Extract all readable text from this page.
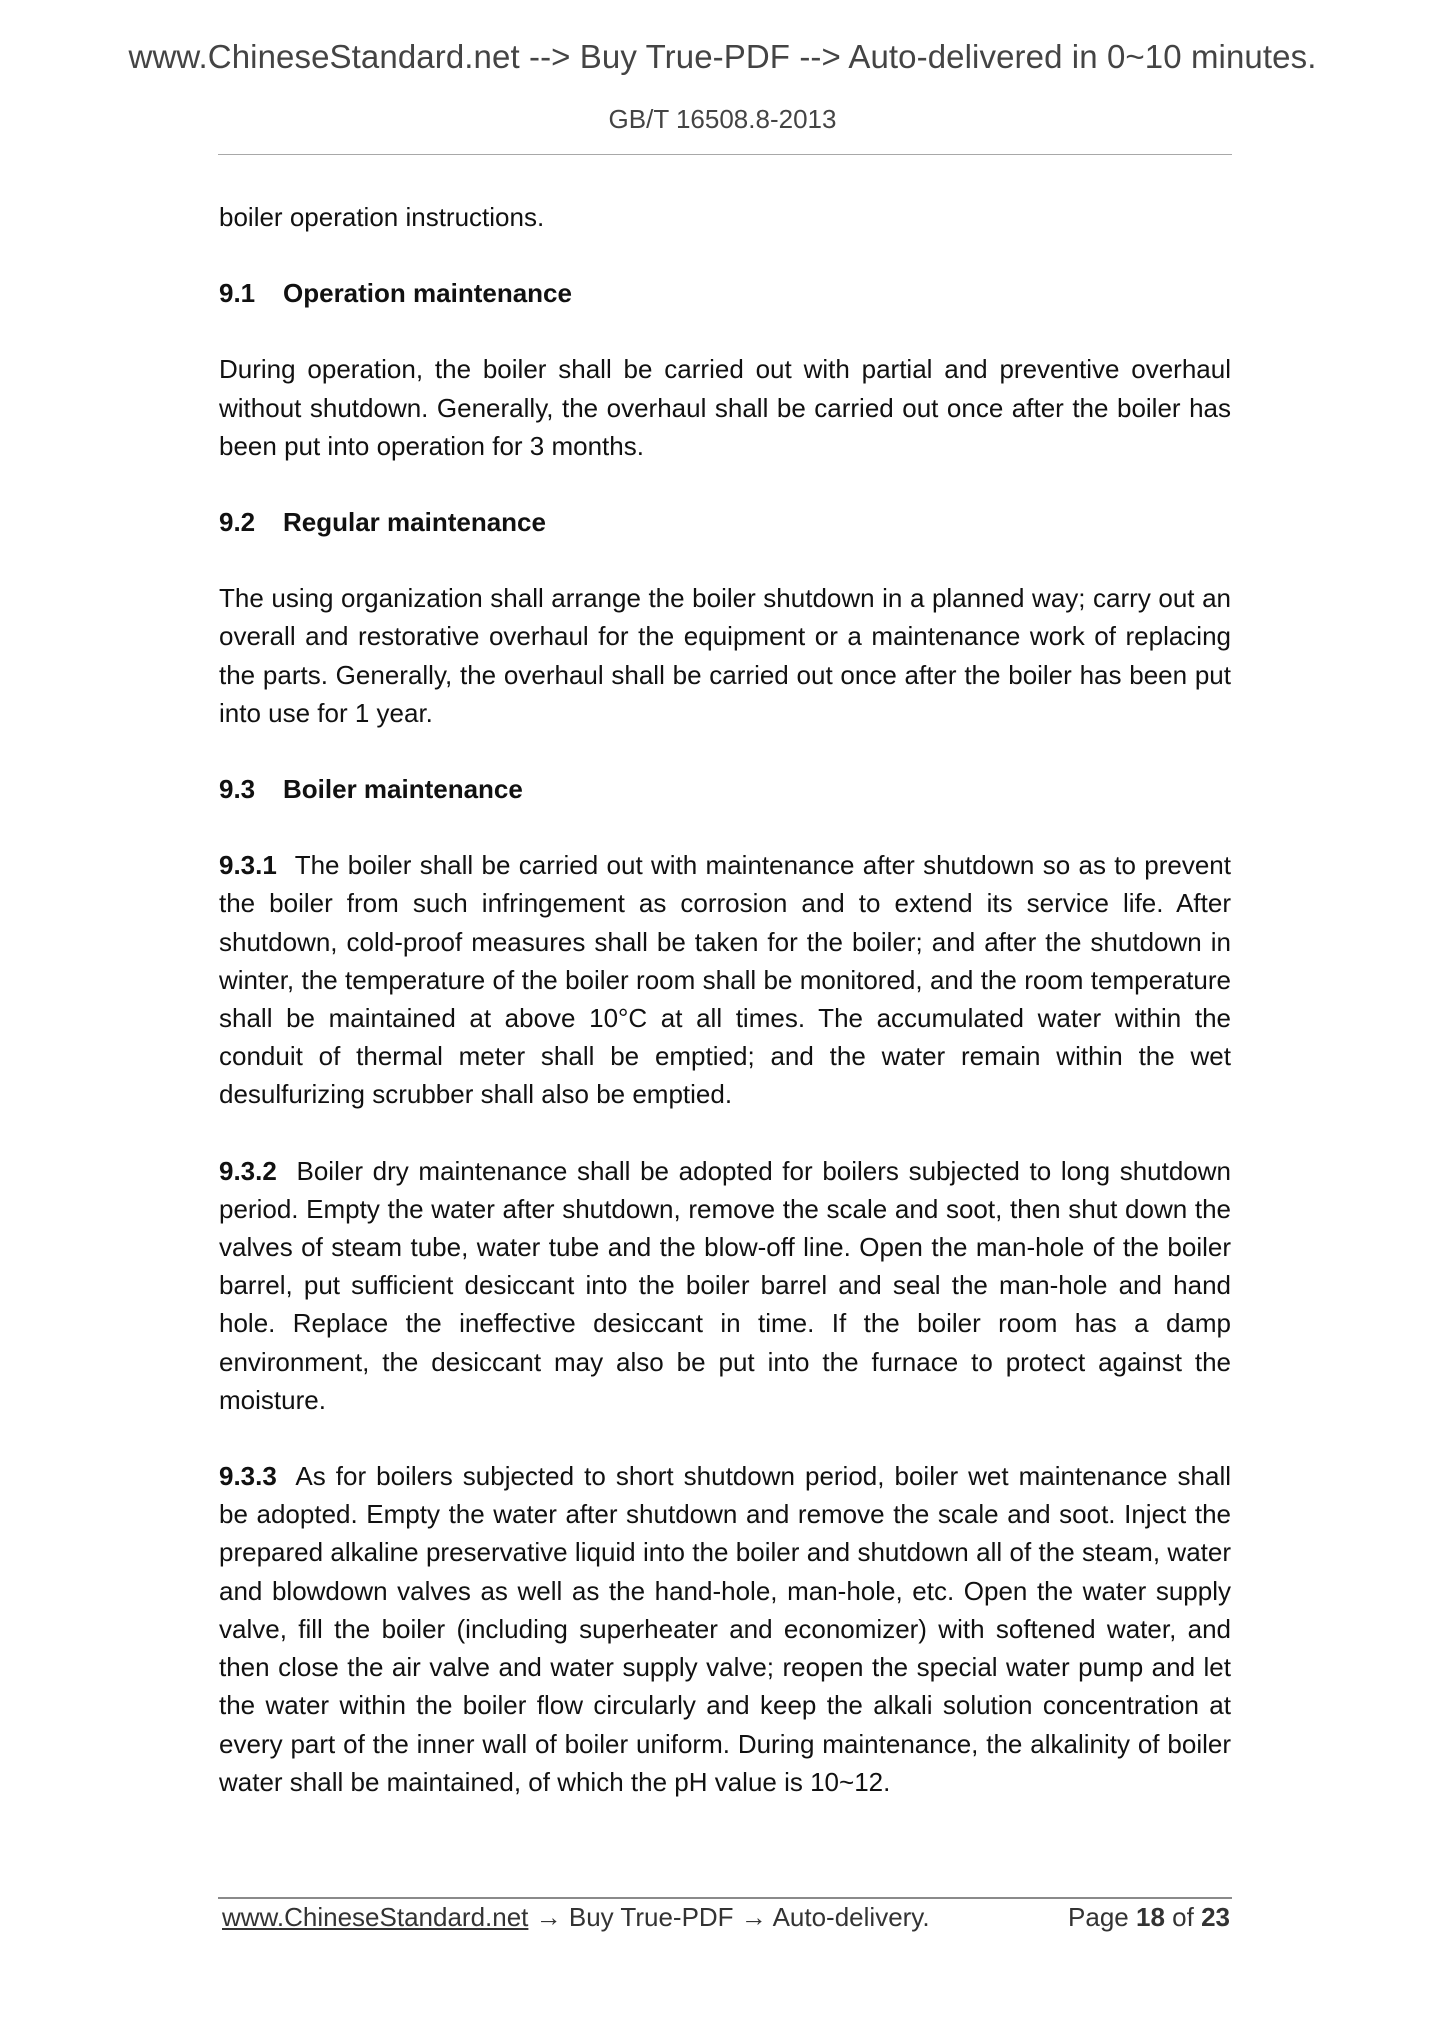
www.ChineseStandard.net --> Buy True-PDF --> Auto-delivered in 0~10 minutes.
GB/T 16508.8-2013

boiler operation instructions.

9.1 Operation maintenance

During operation, the boiler shall be carried out with partial and preventive overhaul without shutdown. Generally, the overhaul shall be carried out once after the boiler has been put into operation for 3 months.

9.2 Regular maintenance

The using organization shall arrange the boiler shutdown in a planned way; carry out an overall and restorative overhaul for the equipment or a maintenance work of replacing the parts. Generally, the overhaul shall be carried out once after the boiler has been put into use for 1 year.

9.3 Boiler maintenance

9.3.1 The boiler shall be carried out with maintenance after shutdown so as to prevent the boiler from such infringement as corrosion and to extend its service life. After shutdown, cold-proof measures shall be taken for the boiler; and after the shutdown in winter, the temperature of the boiler room shall be monitored, and the room temperature shall be maintained at above 10°C at all times. The accumulated water within the conduit of thermal meter shall be emptied; and the water remain within the wet desulfurizing scrubber shall also be emptied.

9.3.2 Boiler dry maintenance shall be adopted for boilers subjected to long shutdown period. Empty the water after shutdown, remove the scale and soot, then shut down the valves of steam tube, water tube and the blow-off line. Open the man-hole of the boiler barrel, put sufficient desiccant into the boiler barrel and seal the man-hole and hand hole. Replace the ineffective desiccant in time. If the boiler room has a damp environment, the desiccant may also be put into the furnace to protect against the moisture.

9.3.3 As for boilers subjected to short shutdown period, boiler wet maintenance shall be adopted. Empty the water after shutdown and remove the scale and soot. Inject the prepared alkaline preservative liquid into the boiler and shutdown all of the steam, water and blowdown valves as well as the hand-hole, man-hole, etc. Open the water supply valve, fill the boiler (including superheater and economizer) with softened water, and then close the air valve and water supply valve; reopen the special water pump and let the water within the boiler flow circularly and keep the alkali solution concentration at every part of the inner wall of boiler uniform. During maintenance, the alkalinity of boiler water shall be maintained, of which the pH value is 10~12.

www.ChineseStandard.net → Buy True-PDF → Auto-delivery.	Page 18 of 23
